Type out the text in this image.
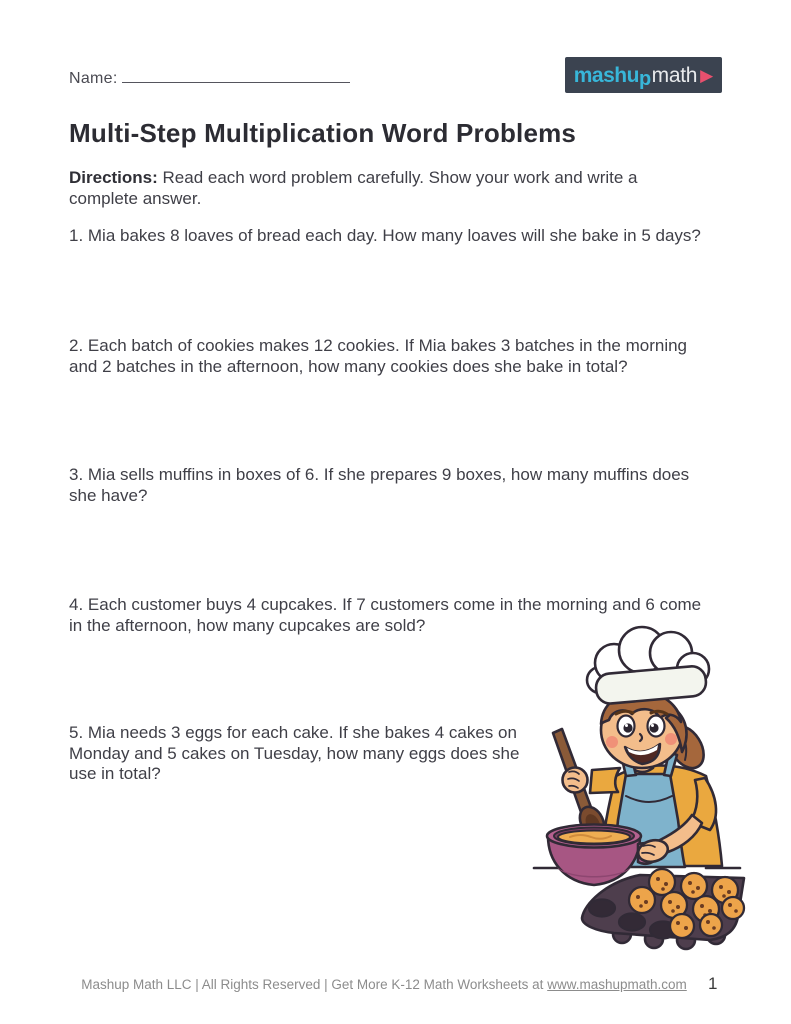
Name:	mashu p math ▶
Multi-Step Multiplication Word Problems
Directions: Read each word problem carefully. Show your work and write a
complete answer.
1. Mia bakes 8 loaves of bread each day. How many loaves will she bake in 5 days?
2. Each batch of cookies makes 12 cookies. If Mia bakes 3 batches in the morning
and 2 batches in the afternoon, how many cookies does she bake in total?
3. Mia sells muffins in boxes of 6. If she prepares 9 boxes, how many muffins does
she have?
4. Each customer buys 4 cupcakes. If 7 customers come in the morning and 6 come
in the afternoon, how many cupcakes are sold?
5. Mia needs 3 eggs for each cake. If she bakes 4 cakes on
Monday and 5 cakes on Tuesday, how many eggs does she
use in total?
Mashup Math LLC | All Rights Reserved | Get More K-12 Math Worksheets at www.mashupmath.com	1
